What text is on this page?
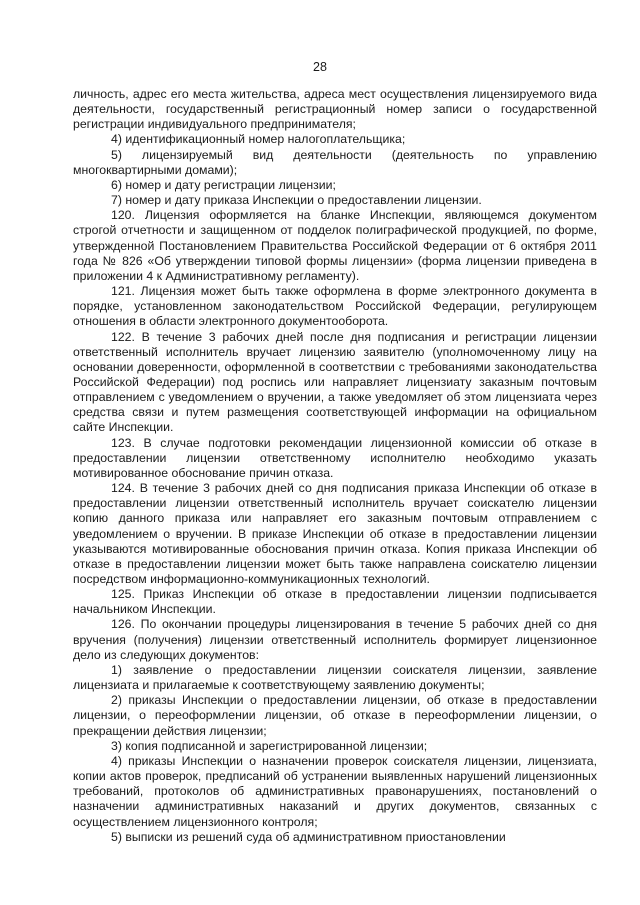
28

личность, адрес его места жительства, адреса мест осуществления лицензируемого вида деятельности, государственный регистрационный номер записи о государственной регистрации индивидуального предпринимателя;

4) идентификационный номер налогоплательщика;

5) лицензируемый вид деятельности (деятельность по управлению многоквартирными домами);

6) номер и дату регистрации лицензии;

7) номер и дату приказа Инспекции о предоставлении лицензии.

120. Лицензия оформляется на бланке Инспекции, являющемся документом строгой отчетности и защищенном от подделок полиграфической продукцией, по форме, утвержденной Постановлением Правительства Российской Федерации от 6 октября 2011 года № 826 «Об утверждении типовой формы лицензии» (форма лицензии приведена в приложении 4 к Административному регламенту).

121. Лицензия может быть также оформлена в форме электронного документа в порядке, установленном законодательством Российской Федерации, регулирующем отношения в области электронного документооборота.

122. В течение 3 рабочих дней после дня подписания и регистрации лицензии ответственный исполнитель вручает лицензию заявителю (уполномоченному лицу на основании доверенности, оформленной в соответствии с требованиями законодательства Российской Федерации) под роспись или направляет лицензиату заказным почтовым отправлением с уведомлением о вручении, а также уведомляет об этом лицензиата через средства связи и путем размещения соответствующей информации на официальном сайте Инспекции.

123. В случае подготовки рекомендации лицензионной комиссии об отказе в предоставлении лицензии ответственному исполнителю необходимо указать мотивированное обоснование причин отказа.

124. В течение 3 рабочих дней со дня подписания приказа Инспекции об отказе в предоставлении лицензии ответственный исполнитель вручает соискателю лицензии копию данного приказа или направляет его заказным почтовым отправлением с уведомлением о вручении. В приказе Инспекции об отказе в предоставлении лицензии указываются мотивированные обоснования причин отказа. Копия приказа Инспекции об отказе в предоставлении лицензии может быть также направлена соискателю лицензии посредством информационно-коммуникационных технологий.

125. Приказ Инспекции об отказе в предоставлении лицензии подписывается начальником Инспекции.

126. По окончании процедуры лицензирования в течение 5 рабочих дней со дня вручения (получения) лицензии ответственный исполнитель формирует лицензионное дело из следующих документов:

1) заявление о предоставлении лицензии соискателя лицензии, заявление лицензиата и прилагаемые к соответствующему заявлению документы;

2) приказы Инспекции о предоставлении лицензии, об отказе в предоставлении лицензии, о переоформлении лицензии, об отказе в переоформлении лицензии, о прекращении действия лицензии;

3) копия подписанной и зарегистрированной лицензии;

4) приказы Инспекции о назначении проверок соискателя лицензии, лицензиата, копии актов проверок, предписаний об устранении выявленных нарушений лицензионных требований, протоколов об административных правонарушениях, постановлений о назначении административных наказаний и других документов, связанных с осуществлением лицензионного контроля;

5) выписки из решений суда об административном приостановлении
